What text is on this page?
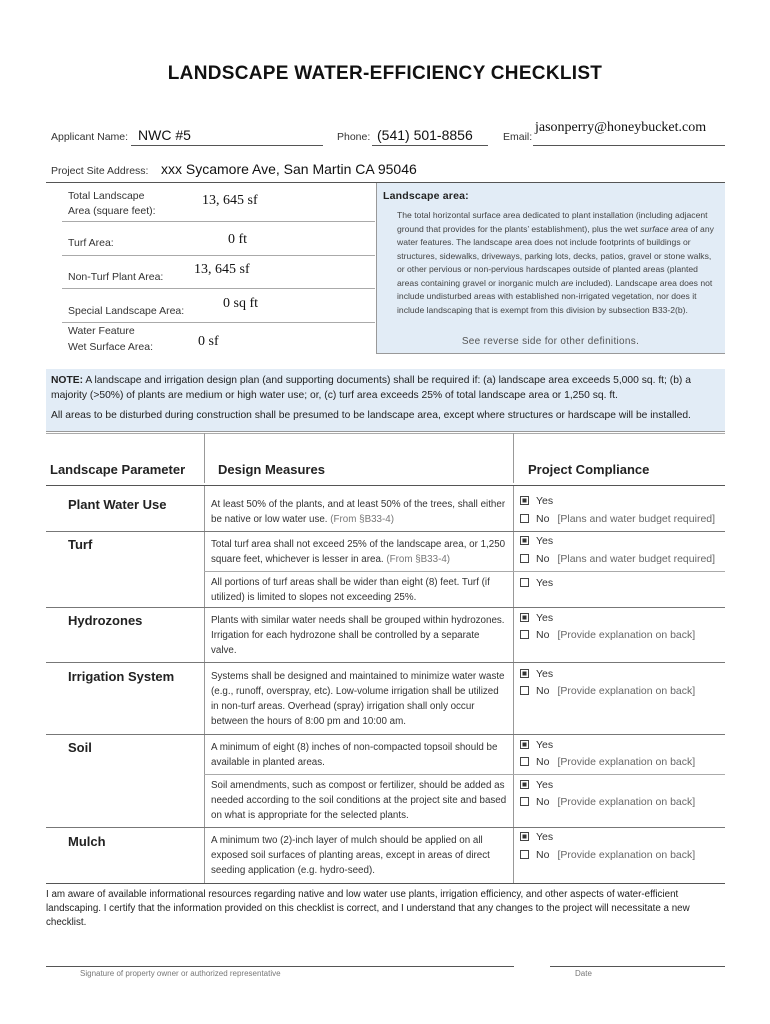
LANDSCAPE WATER-EFFICIENCY CHECKLIST
Applicant Name: NWC #5	Phone: (541) 501-8856	Email:
jasonperry@honeybucket.com
Project Site Address: xxx Sycamore Ave, San Martin CA 95046
Total Landscape
Area (square feet):
13, 645 sf
Turf Area:	0 ft
Non-Turf Plant Area: 13, 645 sf
Special Landscape Area:	0 sq ft
Water Feature
Wet Surface Area:	0 sf
Landscape area:
The total horizontal surface area dedicated to plant installation (including adjacent ground that provides for the plants’ establishment), plus the wet surface area of any water features. The landscape area does not include footprints of buildings or structures, sidewalks, driveways, parking lots, decks, patios, gravel or stone walks, or other pervious or non-pervious hardscapes outside of planted areas (planted areas containing gravel or inorganic mulch are included). Landscape area does not include undisturbed areas with established non-irrigated vegetation, nor does it include landscaping that is exempt from this division by subsection B33-2(b).
See reverse side for other definitions.
NOTE: A landscape and irrigation design plan (and supporting documents) shall be required if: (a) landscape area exceeds 5,000 sq. ft; (b) a majority (>50%) of plants are medium or high water use; or, (c) turf area exceeds 25% of total landscape area or 1,250 sq. ft.
All areas to be disturbed during construction shall be presumed to be landscape area, except where structures or hardscape will be installed.
Landscape Parameter	Design Measures	Project Compliance
Plant Water Use	At least 50% of the plants, and at least 50% of the trees, shall either be native or low water use. (From §B33-4)
Yes
No [Plans and water budget required]
Turf	Total turf area shall not exceed 25% of the landscape area, or 1,250 square feet, whichever is lesser in area. (From §B33-4)
Yes
No [Plans and water budget required]
All portions of turf areas shall be wider than eight (8) feet. Turf (if utilized) is limited to slopes not exceeding 25%.
Yes
Hydrozones	Plants with similar water needs shall be grouped within hydrozones. Irrigation for each hydrozone shall be controlled by a separate valve.
Yes
No [Provide explanation on back]
Irrigation System	Systems shall be designed and maintained to minimize water waste (e.g., runoff, overspray, etc). Low-volume irrigation shall be utilized in non-turf areas. Overhead (spray) irrigation shall only occur between the hours of 8:00 pm and 10:00 am.
Yes
No [Provide explanation on back]
Soil	A minimum of eight (8) inches of non-compacted topsoil should be available in planted areas.
Yes
No [Provide explanation on back]
Soil amendments, such as compost or fertilizer, should be added as needed according to the soil conditions at the project site and based on what is appropriate for the selected plants.
Yes
No [Provide explanation on back]
Mulch	A minimum two (2)-inch layer of mulch should be applied on all exposed soil surfaces of planting areas, except in areas of direct seeding application (e.g. hydro-seed).
Yes
No [Provide explanation on back]
I am aware of available informational resources regarding native and low water use plants, irrigation efficiency, and other aspects of water-efficient landscaping. I certify that the information provided on this checklist is correct, and I understand that any changes to the project will necessitate a new checklist.
Signature of property owner or authorized representative	Date
